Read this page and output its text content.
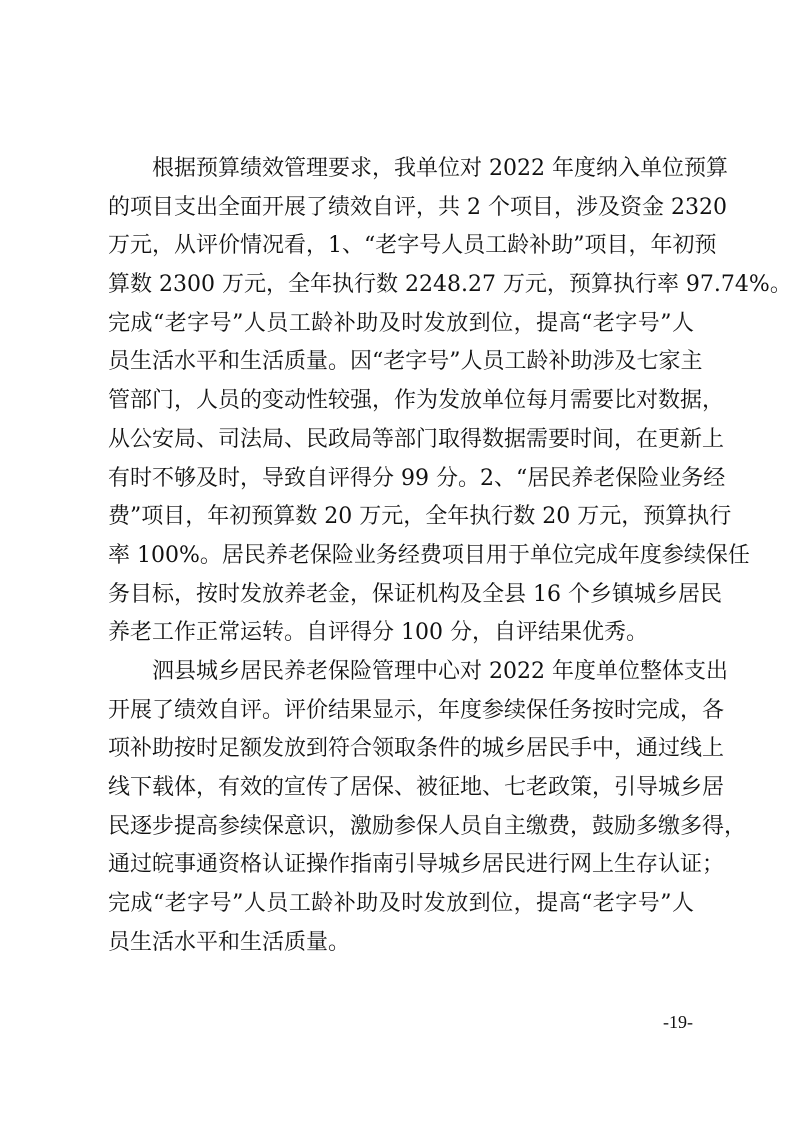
　　根据预算绩效管理要求，我单位对 2022 年度纳入单位预算
的项目支出全面开展了绩效自评，共 2 个项目，涉及资金 2320
万元，从评价情况看，1、“老字号人员工龄补助”项目，年初预
算数 2300 万元，全年执行数 2248.27 万元，预算执行率 97.74%。
完成“老字号”人员工龄补助及时发放到位，提高“老字号”人
员生活水平和生活质量。因“老字号”人员工龄补助涉及七家主
管部门，人员的变动性较强，作为发放单位每月需要比对数据，
从公安局、司法局、民政局等部门取得数据需要时间，在更新上
有时不够及时，导致自评得分 99 分。2、“居民养老保险业务经
费”项目，年初预算数 20 万元，全年执行数 20 万元，预算执行
率 100%。居民养老保险业务经费项目用于单位完成年度参续保任
务目标，按时发放养老金，保证机构及全县 16 个乡镇城乡居民
养老工作正常运转。自评得分 100 分，自评结果优秀。
　　泗县城乡居民养老保险管理中心对 2022 年度单位整体支出
开展了绩效自评。评价结果显示，年度参续保任务按时完成，各
项补助按时足额发放到符合领取条件的城乡居民手中，通过线上
线下载体，有效的宣传了居保、被征地、七老政策，引导城乡居
民逐步提高参续保意识，激励参保人员自主缴费，鼓励多缴多得，
通过皖事通资格认证操作指南引导城乡居民进行网上生存认证；
完成“老字号”人员工龄补助及时发放到位，提高“老字号”人
员生活水平和生活质量。
-19-
